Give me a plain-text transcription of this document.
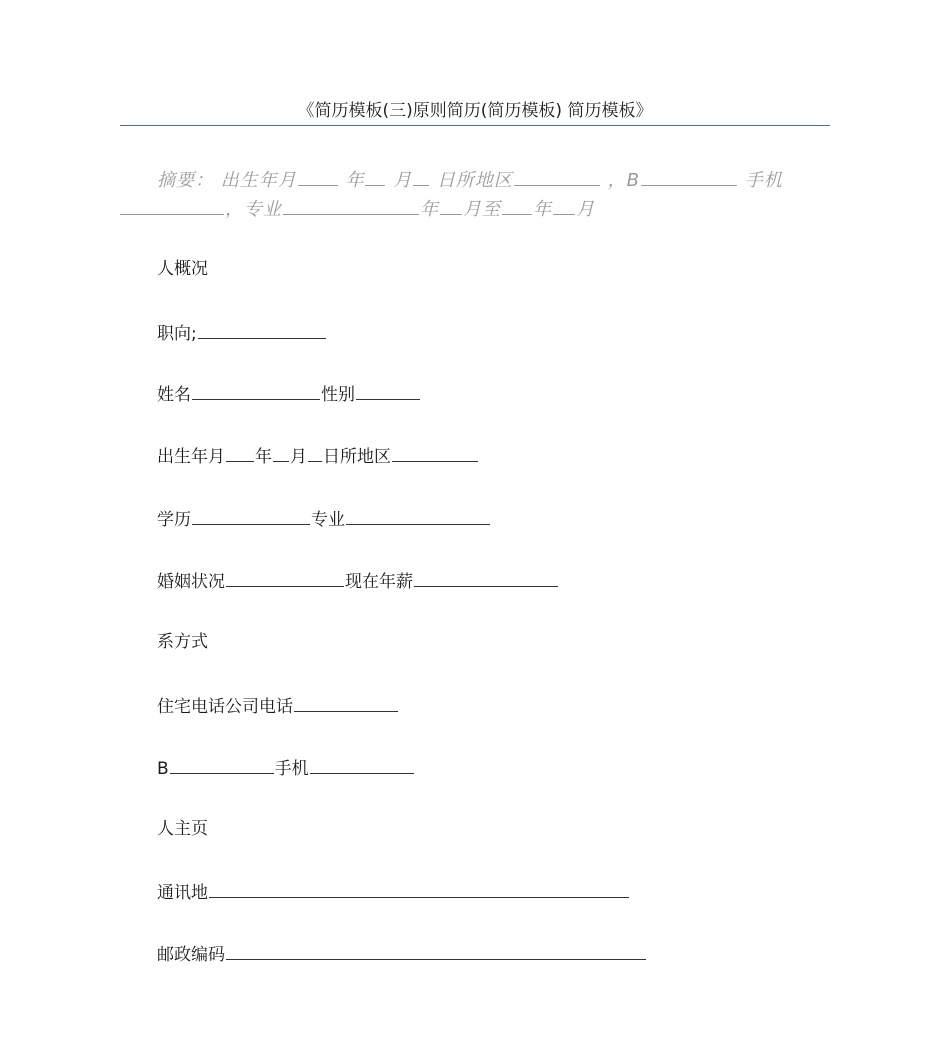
《简历模板(三)原则简历(简历模板) 简历模板》
摘要： 出生年月	年 月 日所地区	，B	手机，专业	年 月至 年 月
人概况
职向;
姓名	性别
出生年月 年 月 日所地区
学历	专业
婚姻状况	现在年薪
系方式
住宅电话公司电话
B	手机
人主页
通讯地
邮政编码
